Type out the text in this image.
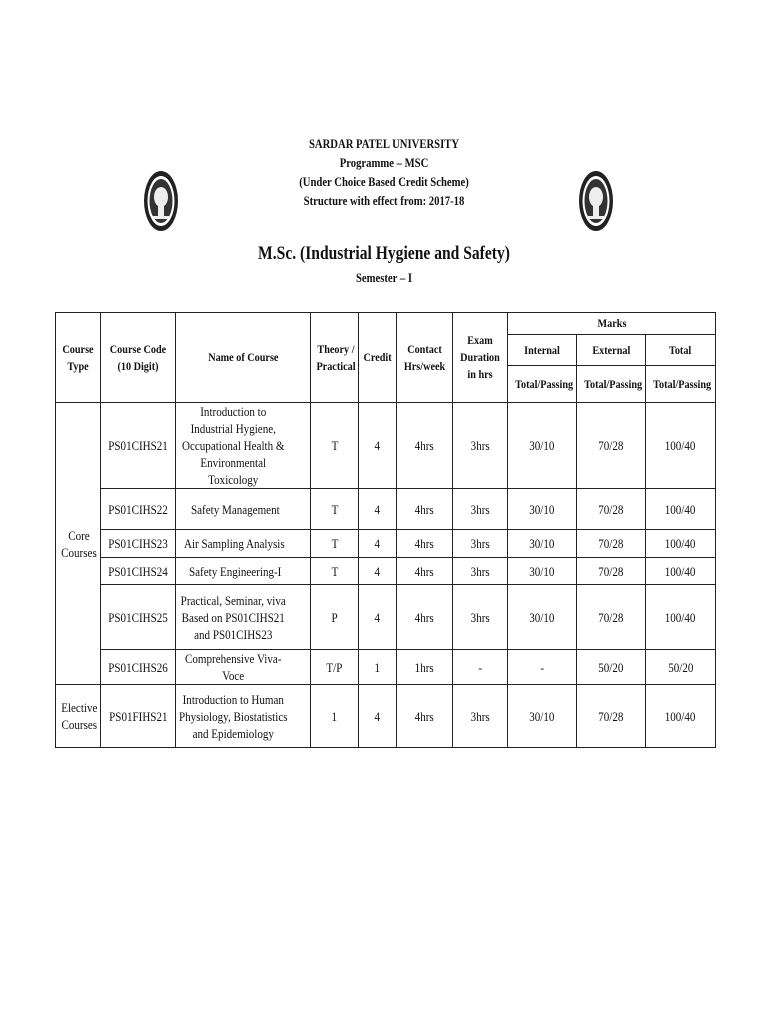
SARDAR PATEL UNIVERSITY
Programme – MSC
(Under Choice Based Credit Scheme)
Structure with effect from: 2017-18
M.Sc. (Industrial Hygiene and Safety)
Semester – I
Course Type	Course Code (10 Digit)	Name of Course	Theory / Practical	Credit	Contact Hrs/week	Exam Duration in hrs	Marks		
							Internal	External	Total
							Total/Passing	Total/Passing	Total/Passing
Core Courses	PS01CIHS21	Introduction to Industrial Hygiene, Occupational Health & Environmental Toxicology	T	4	4hrs	3hrs	30/10	70/28	100/40
	PS01CIHS22	Safety Management	T	4	4hrs	3hrs	30/10	70/28	100/40
	PS01CIHS23	Air Sampling Analysis	T	4	4hrs	3hrs	30/10	70/28	100/40
	PS01CIHS24	Safety Engineering-I	T	4	4hrs	3hrs	30/10	70/28	100/40
	PS01CIHS25	Practical, Seminar, viva Based on PS01CIHS21 and PS01CIHS23	P	4	4hrs	3hrs	30/10	70/28	100/40
	PS01CIHS26	Comprehensive Viva-Voce	T/P	1	1hrs	-	-	50/20	50/20
Elective Courses	PS01FIHS21	Introduction to Human Physiology, Biostatistics and Epidemiology	1	4	4hrs	3hrs	30/10	70/28	100/40
